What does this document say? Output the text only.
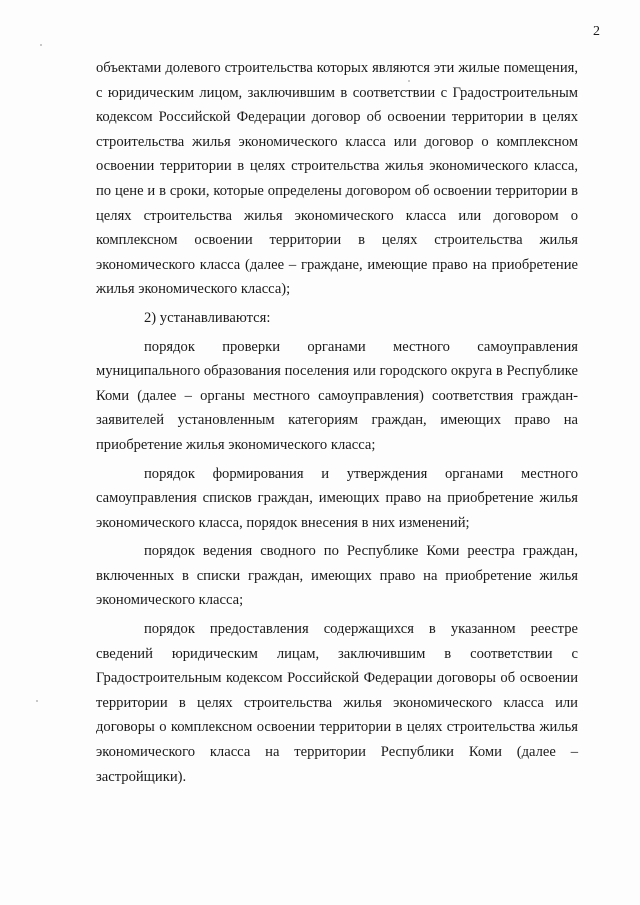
2

объектами долевого строительства которых являются эти жилые помещения, с юридическим лицом, заключившим в соответствии с Градостроительным кодексом Российской Федерации договор об освоении территории в целях строительства жилья экономического класса или договор о комплексном освоении территории в целях строительства жилья экономического класса, по цене и в сроки, которые определены договором об освоении территории в целях строительства жилья экономического класса или договором о комплексном освоении территории в целях строительства жилья экономического класса (далее – граждане, имеющие право на приобретение жилья экономического класса);

2) устанавливаются:

порядок проверки органами местного самоуправления муниципального образования поселения или городского округа в Республике Коми (далее – органы местного самоуправления) соответствия граждан-заявителей установленным категориям граждан, имеющих право на приобретение жилья экономического класса;

порядок формирования и утверждения органами местного самоуправления списков граждан, имеющих право на приобретение жилья экономического класса, порядок внесения в них изменений;

порядок ведения сводного по Республике Коми реестра граждан, включенных в списки граждан, имеющих право на приобретение жилья экономического класса;

порядок предоставления содержащихся в указанном реестре сведений юридическим лицам, заключившим в соответствии с Градостроительным кодексом Российской Федерации договоры об освоении территории в целях строительства жилья экономического класса или договоры о комплексном освоении территории в целях строительства жилья экономического класса на территории Республики Коми (далее – застройщики).
